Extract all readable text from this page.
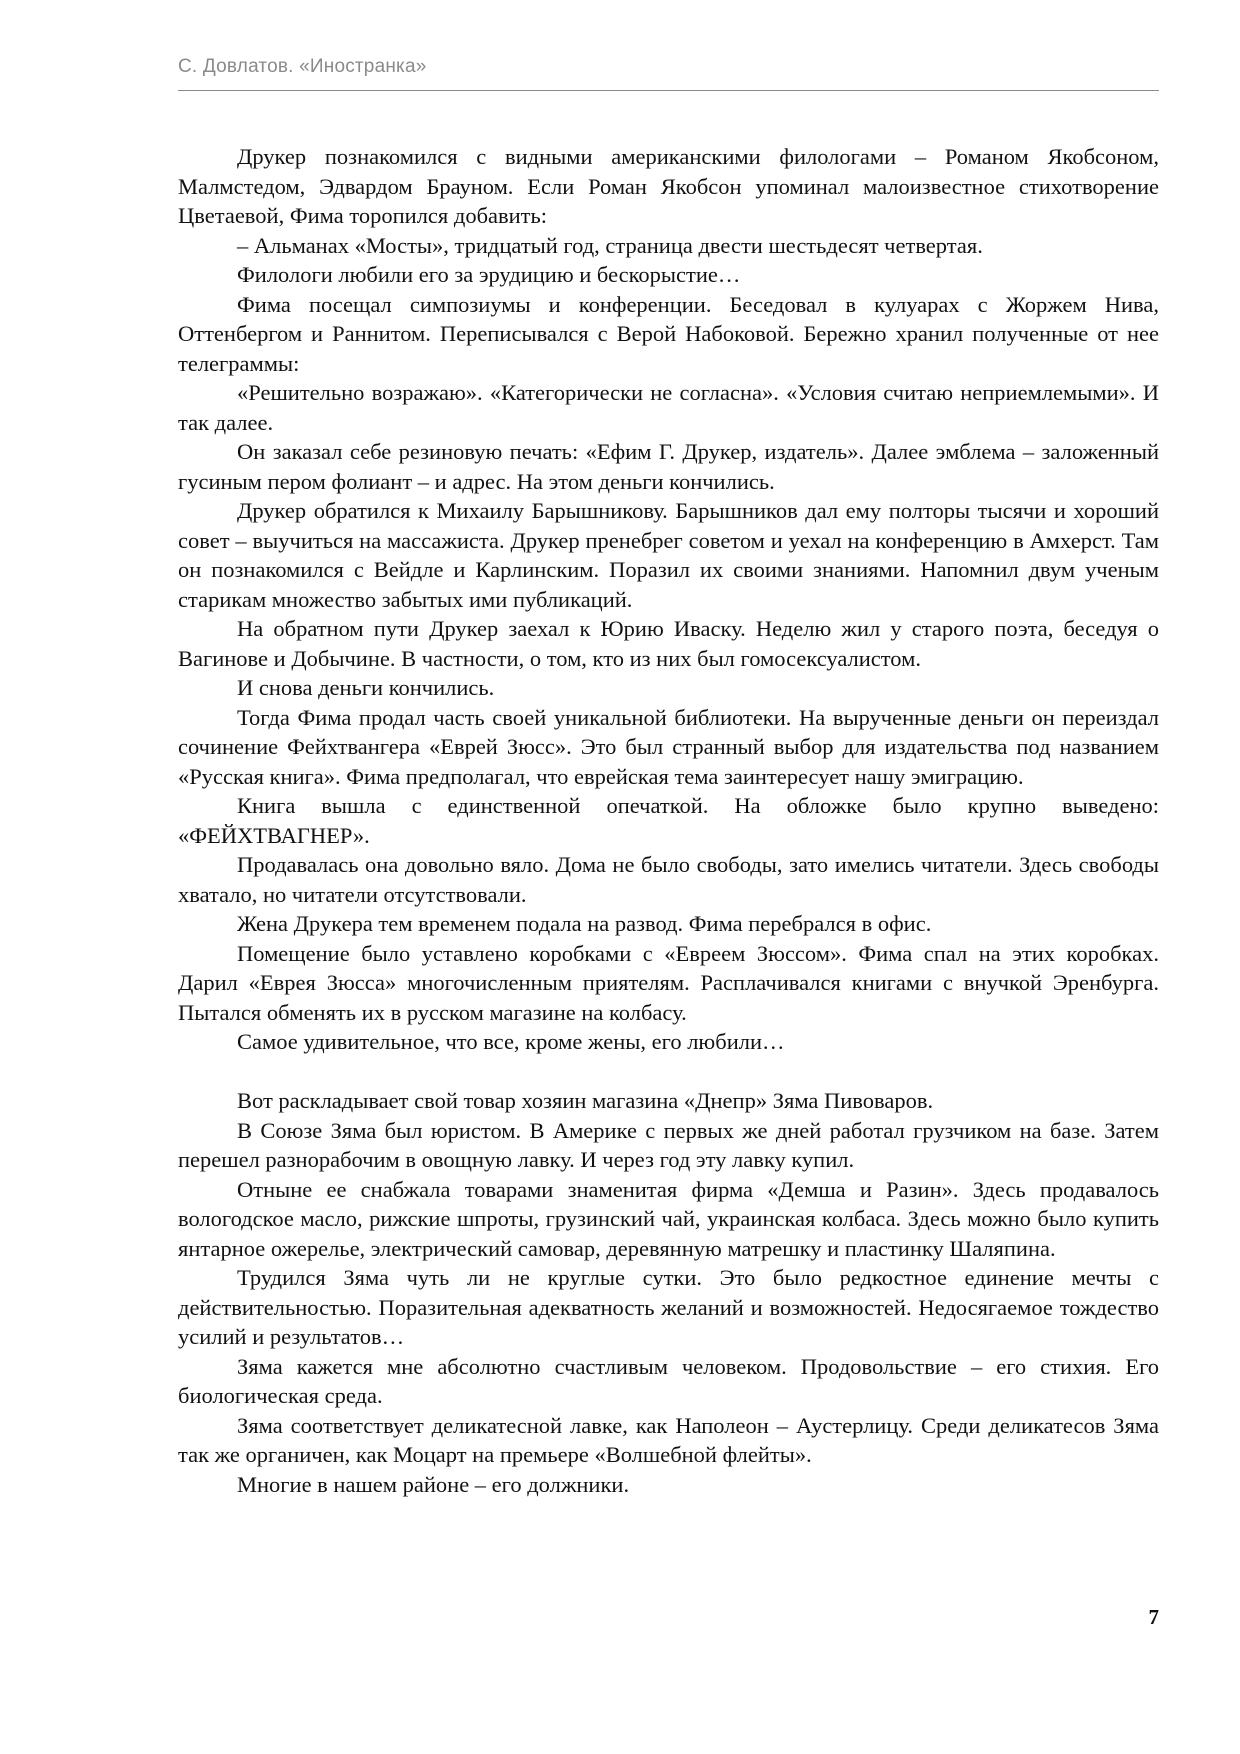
С. Довлатов. «Иностранка»

Друкер познакомился с видными американскими филологами – Романом Якобсоном, Малмстедом, Эдвардом Брауном. Если Роман Якобсон упоминал малоизвестное стихотворение Цветаевой, Фима торопился добавить:

– Альманах «Мосты», тридцатый год, страница двести шестьдесят четвертая.

Филологи любили его за эрудицию и бескорыстие…

Фима посещал симпозиумы и конференции. Беседовал в кулуарах с Жоржем Нива, Оттенбергом и Раннитом. Переписывался с Верой Набоковой. Бережно хранил полученные от нее телеграммы:

«Решительно возражаю». «Категорически не согласна». «Условия считаю неприемлемыми». И так далее.

Он заказал себе резиновую печать: «Ефим Г. Друкер, издатель». Далее эмблема – заложенный гусиным пером фолиант – и адрес. На этом деньги кончились.

Друкер обратился к Михаилу Барышникову. Барышников дал ему полторы тысячи и хороший совет – выучиться на массажиста. Друкер пренебрег советом и уехал на конференцию в Амхерст. Там он познакомился с Вейдле и Карлинским. Поразил их своими знаниями. Напомнил двум ученым старикам множество забытых ими публикаций.

На обратном пути Друкер заехал к Юрию Иваску. Неделю жил у старого поэта, беседуя о Вагинове и Добычине. В частности, о том, кто из них был гомосексуалистом.

И снова деньги кончились.

Тогда Фима продал часть своей уникальной библиотеки. На вырученные деньги он переиздал сочинение Фейхтвангера «Еврей Зюсс». Это был странный выбор для издательства под названием «Русская книга». Фима предполагал, что еврейская тема заинтересует нашу эмиграцию.

Книга вышла с единственной опечаткой. На обложке было крупно выведено: «ФЕЙХТВАГНЕР».

Продавалась она довольно вяло. Дома не было свободы, зато имелись читатели. Здесь свободы хватало, но читатели отсутствовали.

Жена Друкера тем временем подала на развод. Фима перебрался в офис.

Помещение было уставлено коробками с «Евреем Зюссом». Фима спал на этих коробках. Дарил «Еврея Зюсса» многочисленным приятелям. Расплачивался книгами с внучкой Эренбурга. Пытался обменять их в русском магазине на колбасу.

Самое удивительное, что все, кроме жены, его любили…

Вот раскладывает свой товар хозяин магазина «Днепр» Зяма Пивоваров.

В Союзе Зяма был юристом. В Америке с первых же дней работал грузчиком на базе. Затем перешел разнорабочим в овощную лавку. И через год эту лавку купил.

Отныне ее снабжала товарами знаменитая фирма «Демша и Разин». Здесь продавалось вологодское масло, рижские шпроты, грузинский чай, украинская колбаса. Здесь можно было купить янтарное ожерелье, электрический самовар, деревянную матрешку и пластинку Шаляпина.

Трудился Зяма чуть ли не круглые сутки. Это было редкостное единение мечты с действительностью. Поразительная адекватность желаний и возможностей. Недосягаемое тождество усилий и результатов…

Зяма кажется мне абсолютно счастливым человеком. Продовольствие – его стихия. Его биологическая среда.

Зяма соответствует деликатесной лавке, как Наполеон – Аустерлицу. Среди деликатесов Зяма так же органичен, как Моцарт на премьере «Волшебной флейты».

Многие в нашем районе – его должники.

7
